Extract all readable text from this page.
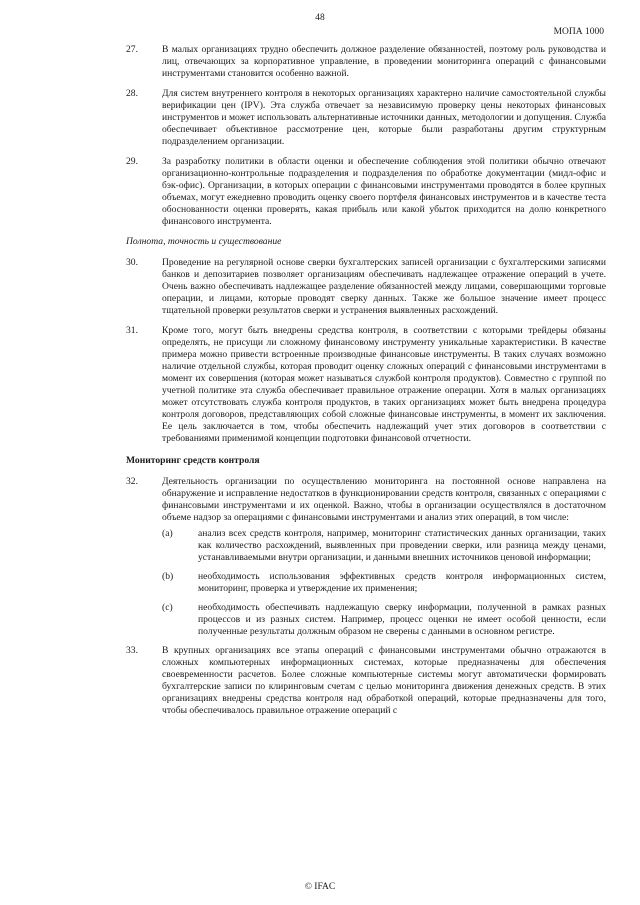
48
МОПА 1000
27.	В малых организациях трудно обеспечить должное разделение обязанностей, поэтому роль руководства и лиц, отвечающих за корпоративное управление, в проведении мониторинга операций с финансовыми инструментами становится особенно важной.
28.	Для систем внутреннего контроля в некоторых организациях характерно наличие самостоятельной службы верификации цен (IPV). Эта служба отвечает за независимую проверку цены некоторых финансовых инструментов и может использовать альтернативные источники данных, методологии и допущения. Служба обеспечивает объективное рассмотрение цен, которые были разработаны другим структурным подразделением организации.
29.	За разработку политики в области оценки и обеспечение соблюдения этой политики обычно отвечают организационно-контрольные подразделения и подразделения по обработке документации (мидл-офис и бэк-офис). Организации, в которых операции с финансовыми инструментами проводятся в более крупных объемах, могут ежедневно проводить оценку своего портфеля финансовых инструментов и в качестве теста обоснованности оценки проверять, какая прибыль или какой убыток приходится на долю конкретного финансового инструмента.
Полнота, точность и существование
30.	Проведение на регулярной основе сверки бухгалтерских записей организации с бухгалтерскими записями банков и депозитариев позволяет организациям обеспечивать надлежащее отражение операций в учете. Очень важно обеспечивать надлежащее разделение обязанностей между лицами, совершающими торговые операции, и лицами, которые проводят сверку данных. Также же большое значение имеет процесс тщательной проверки результатов сверки и устранения выявленных расхождений.
31.	Кроме того, могут быть внедрены средства контроля, в соответствии с которыми трейдеры обязаны определять, не присущи ли сложному финансовому инструменту уникальные характеристики. В качестве примера можно привести встроенные производные финансовые инструменты. В таких случаях возможно наличие отдельной службы, которая проводит оценку сложных операций с финансовыми инструментами в момент их совершения (которая может называться службой контроля продуктов). Совместно с группой по учетной политике эта служба обеспечивает правильное отражение операции. Хотя в малых организациях может отсутствовать служба контроля продуктов, в таких организациях может быть внедрена процедура контроля договоров, представляющих собой сложные финансовые инструменты, в момент их заключения. Ее цель заключается в том, чтобы обеспечить надлежащий учет этих договоров в соответствии с требованиями применимой концепции подготовки финансовой отчетности.
Мониторинг средств контроля
32.	Деятельность организации по осуществлению мониторинга на постоянной основе направлена на обнаружение и исправление недостатков в функционировании средств контроля, связанных с операциями с финансовыми инструментами и их оценкой. Важно, чтобы в организации осуществлялся в достаточном объеме надзор за операциями с финансовыми инструментами и анализ этих операций, в том числе:
(a)	анализ всех средств контроля, например, мониторинг статистических данных организации, таких как количество расхождений, выявленных при проведении сверки, или разница между ценами, устанавливаемыми внутри организации, и данными внешних источников ценовой информации;
(b)	необходимость использования эффективных средств контроля информационных систем, мониторинг, проверка и утверждение их применения;
(c)	необходимость обеспечивать надлежащую сверку информации, полученной в рамках разных процессов и из разных систем. Например, процесс оценки не имеет особой ценности, если полученные результаты должным образом не сверены с данными в основном регистре.
33.	В крупных организациях все этапы операций с финансовыми инструментами обычно отражаются в сложных компьютерных информационных системах, которые предназначены для обеспечения своевременности расчетов. Более сложные компьютерные системы могут автоматически формировать бухгалтерские записи по клиринговым счетам с целью мониторинга движения денежных средств. В этих организациях внедрены средства контроля над обработкой операций, которые предназначены для того, чтобы обеспечивалось правильное отражение операций с
© IFAC
